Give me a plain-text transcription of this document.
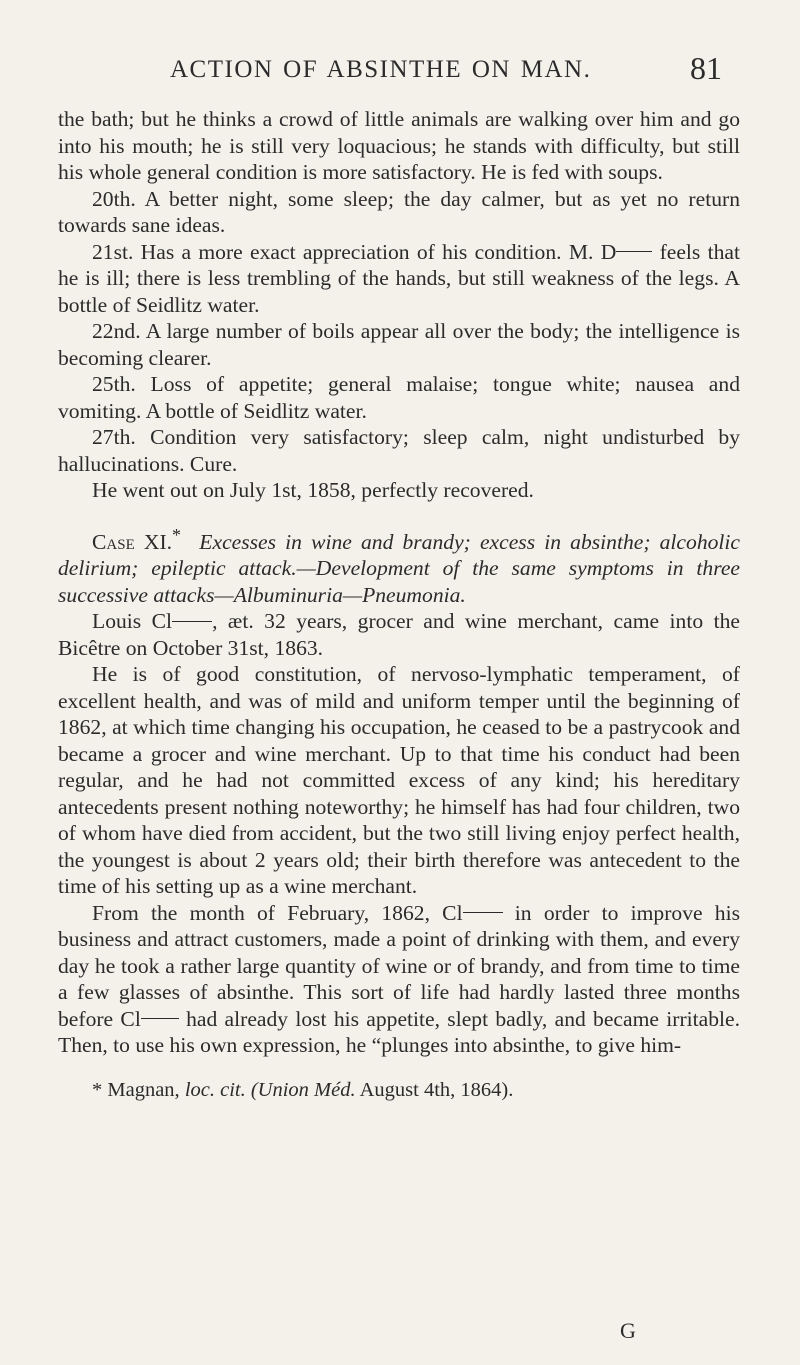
ACTION OF ABSINTHE ON MAN.	81

the bath; but he thinks a crowd of little animals are walking over him and go into his mouth; he is still very loquacious; he stands with difficulty, but still his whole general condition is more satisfactory. He is fed with soups.

20th. A better night, some sleep; the day calmer, but as yet no return towards sane ideas.

21st. Has a more exact appreciation of his condition. M. D feels that he is ill; there is less trembling of the hands, but still weakness of the legs. A bottle of Seidlitz water.

22nd. A large number of boils appear all over the body; the intelligence is becoming clearer.

25th. Loss of appetite; general malaise; tongue white; nausea and vomiting. A bottle of Seidlitz water.

27th. Condition very satisfactory; sleep calm, night undisturbed by hallucinations. Cure.

He went out on July 1st, 1858, perfectly recovered.

Case XI.* Excesses in wine and brandy; excess in absinthe; alcoholic delirium; epileptic attack.—Development of the same symptoms in three successive attacks—Albuminuria—Pneumonia.

Louis Cl , æt. 32 years, grocer and wine merchant, came into the Bicêtre on October 31st, 1863.

He is of good constitution, of nervoso-lymphatic temperament, of excellent health, and was of mild and uniform temper until the beginning of 1862, at which time changing his occupation, he ceased to be a pastrycook and became a grocer and wine merchant. Up to that time his conduct had been regular, and he had not committed excess of any kind; his hereditary antecedents present nothing noteworthy; he himself has had four children, two of whom have died from accident, but the two still living enjoy perfect health, the youngest is about 2 years old; their birth therefore was antecedent to the time of his setting up as a wine merchant.

From the month of February, 1862, Cl in order to improve his business and attract customers, made a point of drinking with them, and every day he took a rather large quantity of wine or of brandy, and from time to time a few glasses of absinthe. This sort of life had hardly lasted three months before Cl had already lost his appetite, slept badly, and became irritable. Then, to use his own expression, he “plunges into absinthe, to give him-

* Magnan, loc. cit. (Union Méd. August 4th, 1864).

G
